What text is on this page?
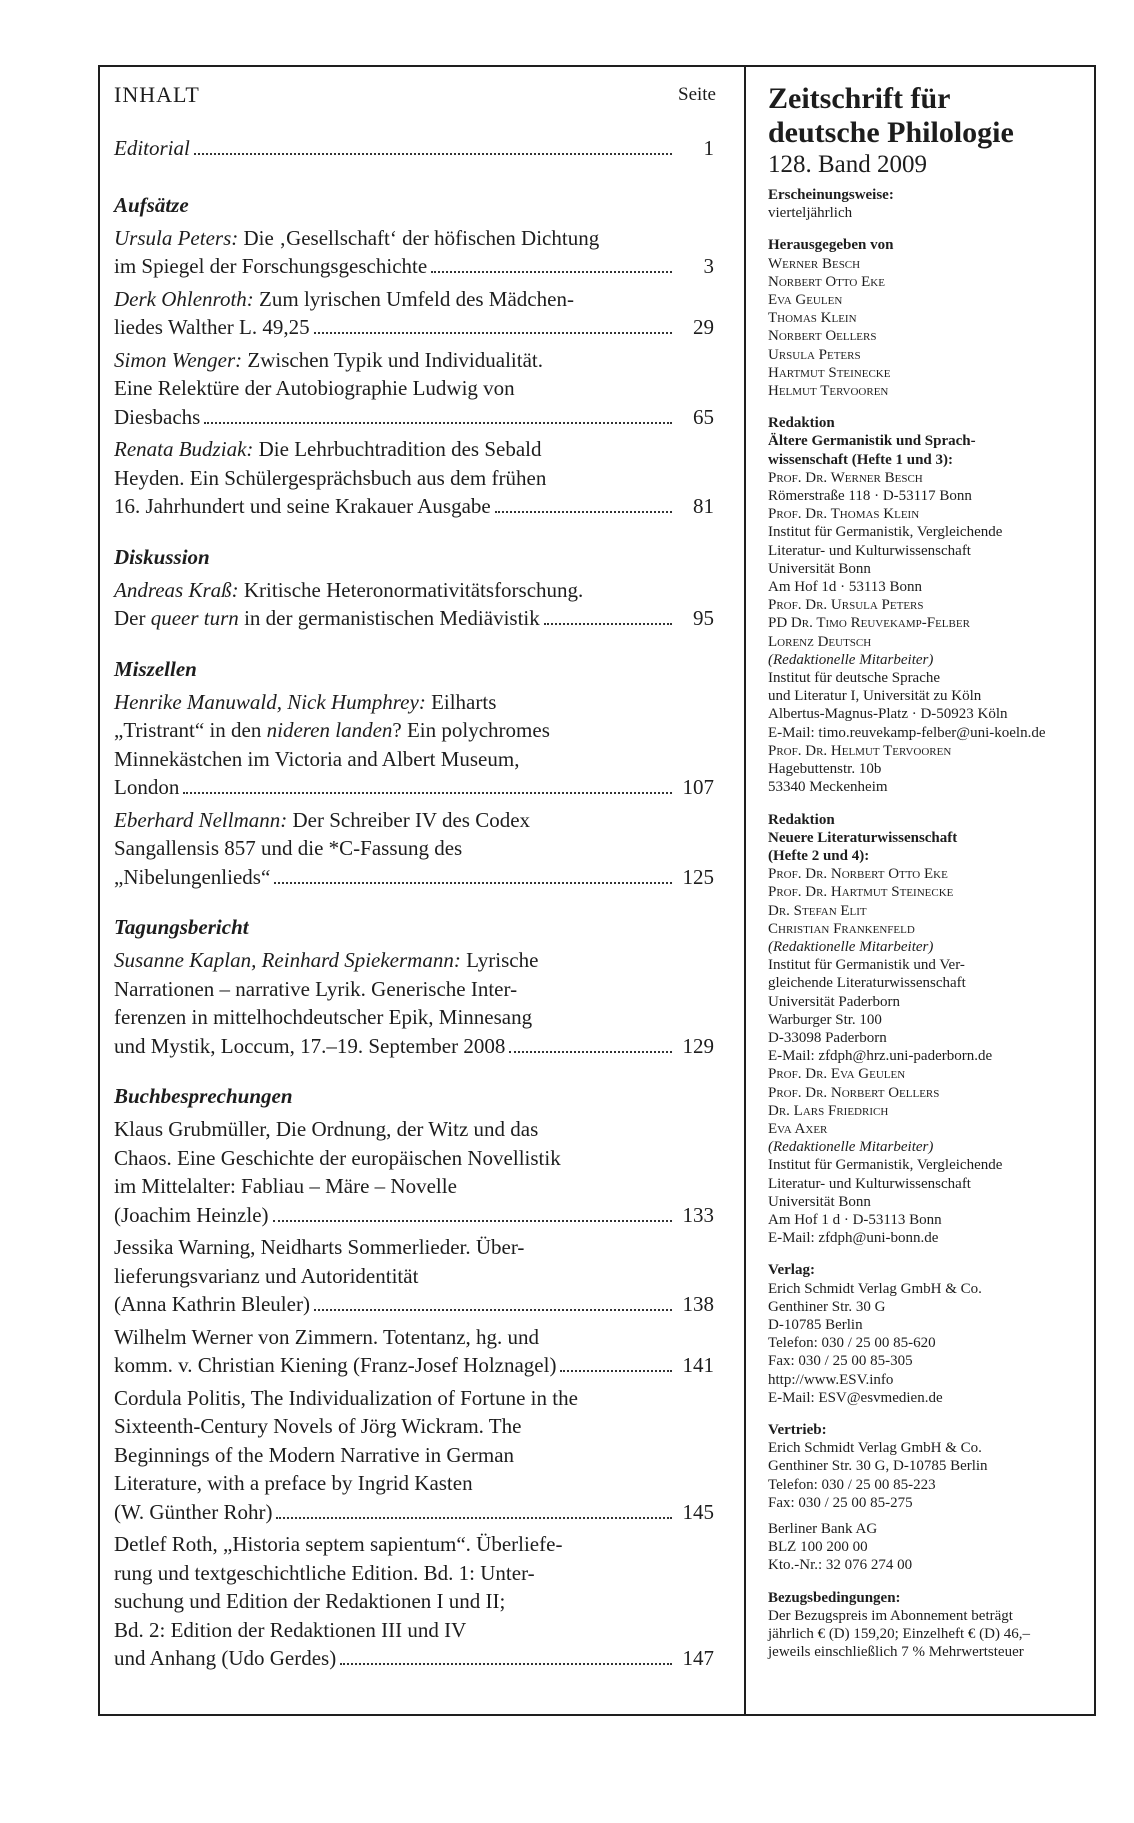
INHALT	Seite
Editorial	1
Aufsätze
Ursula Peters: Die ‚Gesellschaft‘ der höfischen Dichtung
im Spiegel der Forschungsgeschichte	3
Derk Ohlenroth: Zum lyrischen Umfeld des Mädchen-
liedes Walther L. 49,25	29
Simon Wenger: Zwischen Typik und Individualität.
Eine Relektüre der Autobiographie Ludwig von
Diesbachs	65
Renata Budziak: Die Lehrbuchtradition des Sebald
Heyden. Ein Schülergesprächsbuch aus dem frühen
16. Jahrhundert und seine Krakauer Ausgabe	81
Diskussion
Andreas Kraß: Kritische Heteronormativitätsforschung.
Der queer turn in der germanistischen Mediävistik	95
Miszellen
Henrike Manuwald, Nick Humphrey: Eilharts
„Tristrant“ in den nideren landen? Ein polychromes
Minnekästchen im Victoria and Albert Museum,
London	107
Eberhard Nellmann: Der Schreiber IV des Codex
Sangallensis 857 und die *C-Fassung des
„Nibelungenlieds“	125
Tagungsbericht
Susanne Kaplan, Reinhard Spiekermann: Lyrische
Narrationen – narrative Lyrik. Generische Inter-
ferenzen in mittelhochdeutscher Epik, Minnesang
und Mystik, Loccum, 17.–19. September 2008	129
Buchbesprechungen
Klaus Grubmüller, Die Ordnung, der Witz und das
Chaos. Eine Geschichte der europäischen Novellistik
im Mittelalter: Fabliau – Märe – Novelle
(Joachim Heinzle)	133
Jessika Warning, Neidharts Sommerlieder. Über-
lieferungsvarianz und Autoridentität
(Anna Kathrin Bleuler)	138
Wilhelm Werner von Zimmern. Totentanz, hg. und
komm. v. Christian Kiening (Franz-Josef Holznagel)	141
Cordula Politis, The Individualization of Fortune in the
Sixteenth-Century Novels of Jörg Wickram. The
Beginnings of the Modern Narrative in German
Literature, with a preface by Ingrid Kasten
(W. Günther Rohr)	145
Detlef Roth, „Historia septem sapientum“. Überliefe-
rung und textgeschichtliche Edition. Bd. 1: Unter-
suchung und Edition der Redaktionen I und II;
Bd. 2: Edition der Redaktionen III und IV
und Anhang (Udo Gerdes)	147
Zeitschrift für
deutsche Philologie
128. Band 2009
Erscheinungsweise:
vierteljährlich
Herausgegeben von
Werner Besch
Norbert Otto Eke
Eva Geulen
Thomas Klein
Norbert Oellers
Ursula Peters
Hartmut Steinecke
Helmut Tervooren
Redaktion
Ältere Germanistik und Sprach-
wissenschaft (Hefte 1 und 3):
Prof. Dr. Werner Besch
Römerstraße 118 · D-53117 Bonn
Prof. Dr. Thomas Klein
Institut für Germanistik, Vergleichende
Literatur- und Kulturwissenschaft
Universität Bonn
Am Hof 1d · 53113 Bonn
Prof. Dr. Ursula Peters
PD Dr. Timo Reuvekamp-Felber
Lorenz Deutsch
(Redaktionelle Mitarbeiter)
Institut für deutsche Sprache
und Literatur I, Universität zu Köln
Albertus-Magnus-Platz · D-50923 Köln
E-Mail: timo.reuvekamp-felber@uni-koeln.de
Prof. Dr. Helmut Tervooren
Hagebuttenstr. 10b
53340 Meckenheim
Redaktion
Neuere Literaturwissenschaft
(Hefte 2 und 4):
Prof. Dr. Norbert Otto Eke
Prof. Dr. Hartmut Steinecke
Dr. Stefan Elit
Christian Frankenfeld
(Redaktionelle Mitarbeiter)
Institut für Germanistik und Ver-
gleichende Literaturwissenschaft
Universität Paderborn
Warburger Str. 100
D-33098 Paderborn
E-Mail: zfdph@hrz.uni-paderborn.de
Prof. Dr. Eva Geulen
Prof. Dr. Norbert Oellers
Dr. Lars Friedrich
Eva Axer
(Redaktionelle Mitarbeiter)
Institut für Germanistik, Vergleichende
Literatur- und Kulturwissenschaft
Universität Bonn
Am Hof 1 d · D-53113 Bonn
E-Mail: zfdph@uni-bonn.de
Verlag:
Erich Schmidt Verlag GmbH & Co.
Genthiner Str. 30 G
D-10785 Berlin
Telefon: 030 / 25 00 85-620
Fax: 030 / 25 00 85-305
http://www.ESV.info
E-Mail: ESV@esvmedien.de
Vertrieb:
Erich Schmidt Verlag GmbH & Co.
Genthiner Str. 30 G, D-10785 Berlin
Telefon: 030 / 25 00 85-223
Fax: 030 / 25 00 85-275
Berliner Bank AG
BLZ 100 200 00
Kto.-Nr.: 32 076 274 00
Bezugsbedingungen:
Der Bezugspreis im Abonnement beträgt
jährlich € (D) 159,20; Einzelheft € (D) 46,–
jeweils einschließlich 7 % Mehrwertsteuer
